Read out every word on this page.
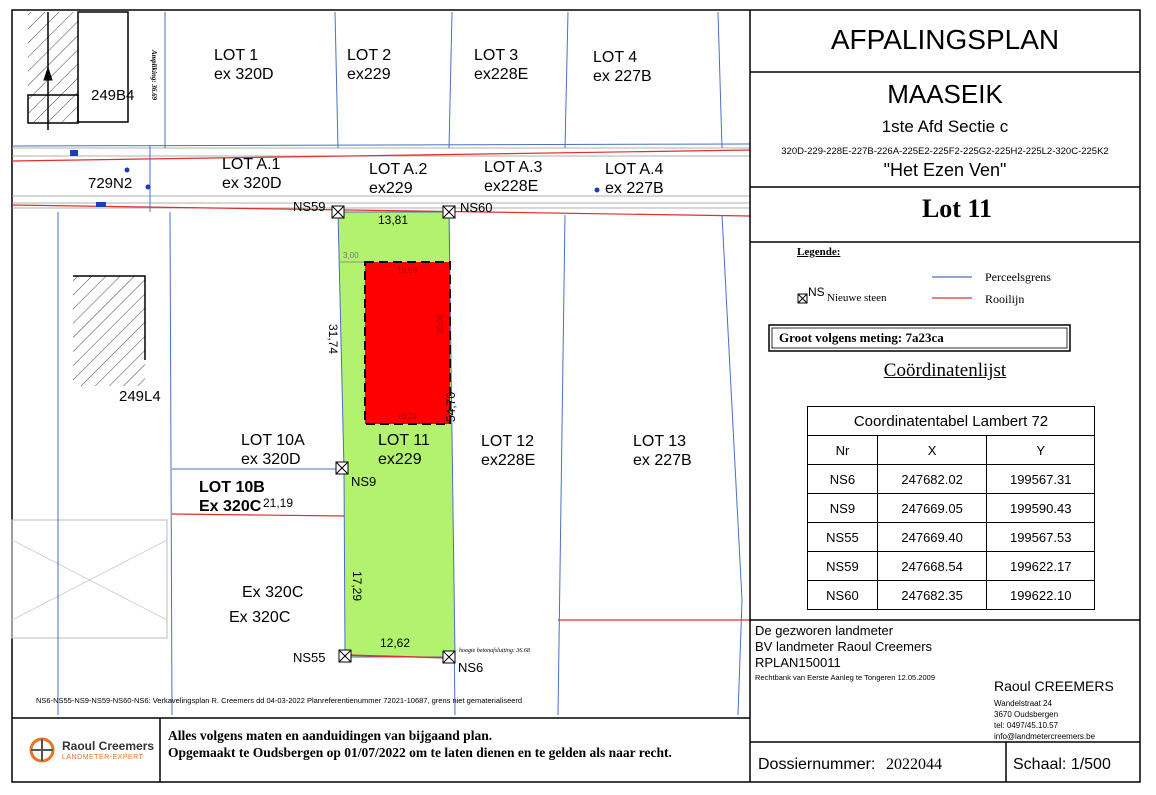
LOT 1
ex 320D
LOT 2
ex229
LOT 3
ex228E
LOT 4
ex 227B
LOT A.1
ex 320D
LOT A.2
ex229
LOT A.3
ex228E
LOT A.4
ex 227B
LOT 10A
ex 320D
LOT 11
ex229
LOT 12
ex228E
LOT 13
ex 227B
LOT 10B
Ex 320C
Ex 320C
Ex 320C
249B4
249L4
729N2
Ampliking: 36.69
NS59	NS60
NS9
NS55
NS6
13,81
31,74
54,70
17,29
12,62
21,19
3,00
10,68
20,00
10,24
hoogte betonafsluiting: 36.68
NS6-NS55-NS9-NS59-NS60-NS6: Verkavelingsplan R. Creemers dd 04-03-2022 Planreferentienummer 72021-10687, grens niet gematerialiseerd
AFPALINGSPLAN
MAASEIK
1ste Afd Sectie c
320D-229-228E-227B-226A-225E2-225F2-225G2-225H2-225L2-320C-225K2
"Het Ezen Ven"
Lot 11
Legende:
Perceelsgrens
Rooilijn
NS Nieuwe steen
Groot volgens meting: 7a23ca
Coördinatenlijst
Coordinatentabel Lambert 72		
Nr	X	Y
NS6	247682.02	199567.31
NS9	247669.05	199590.43
NS55	247669.40	199567.53
NS59	247668.54	199622.17
NS60	247682.35	199622.10
De gezworen landmeter
BV landmeter Raoul Creemers
RPLAN150011
Rechtbank van Eerste Aanleg te Tongeren 12.05.2009
Raoul CREEMERS
Wandelstraat 24
3670 Oudsbergen
tel: 0497/45.10.57
info@landmetercreemers.be
Raoul Creemers
LANDMETER-EXPERT
Alles volgens maten en aanduidingen van bijgaand plan.
Opgemaakt te Oudsbergen op 01/07/2022 om te laten dienen en te gelden als naar recht.
Dossiernummer: 2022044	Schaal: 1/500
